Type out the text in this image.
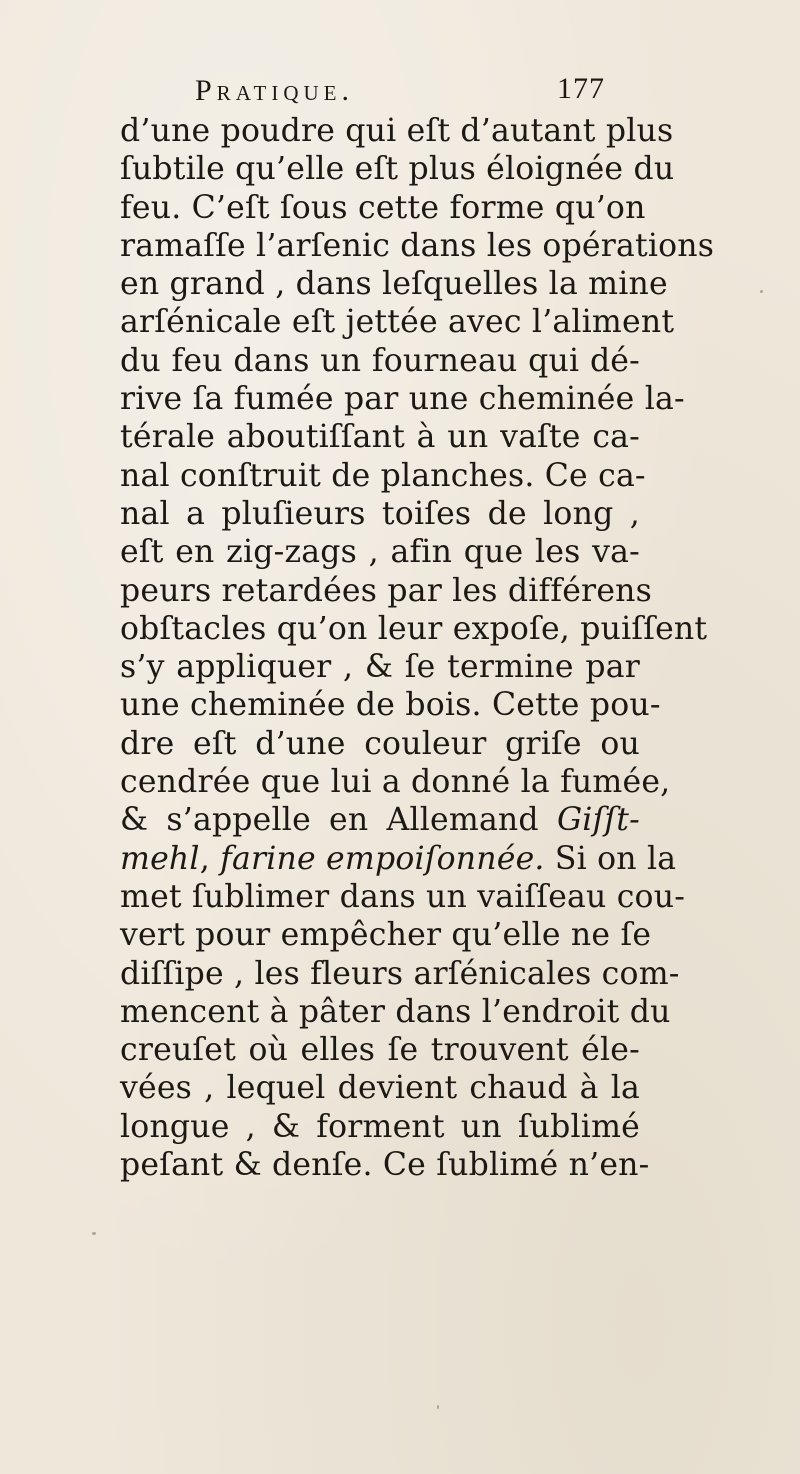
Pratique.	177
d’une poudre qui eſt d’autant plus
ſubtile qu’elle eſt plus éloignée du
feu. C’eſt ſous cette forme qu’on
ramaſſe l’arſenic dans les opérations
en grand , dans leſquelles la mine
arſénicale eſt jettée avec l’aliment
du feu dans un fourneau qui dé-
rive ſa fumée par une cheminée la-
térale aboutiſſant à un vaſte ca-
nal conſtruit de planches. Ce ca-
nal a pluſieurs toiſes de long ,
eſt en zig-zags , afin que les va-
peurs retardées par les différens
obſtacles qu’on leur expoſe, puiſſent
s’y appliquer , & ſe termine par
une cheminée de bois. Cette pou-
dre eſt d’une couleur griſe ou
cendrée que lui a donné la fumée,
& s’appelle en Allemand Giſſt-
mehl, farine empoiſonnée. Si on la
met ſublimer dans un vaiſſeau cou-
vert pour empêcher qu’elle ne ſe
diſſipe , les fleurs arſénicales com-
mencent à pâter dans l’endroit du
creuſet où elles ſe trouvent éle-
vées , lequel devient chaud à la
longue , & forment un ſublimé
peſant & denſe. Ce ſublimé n’en-
